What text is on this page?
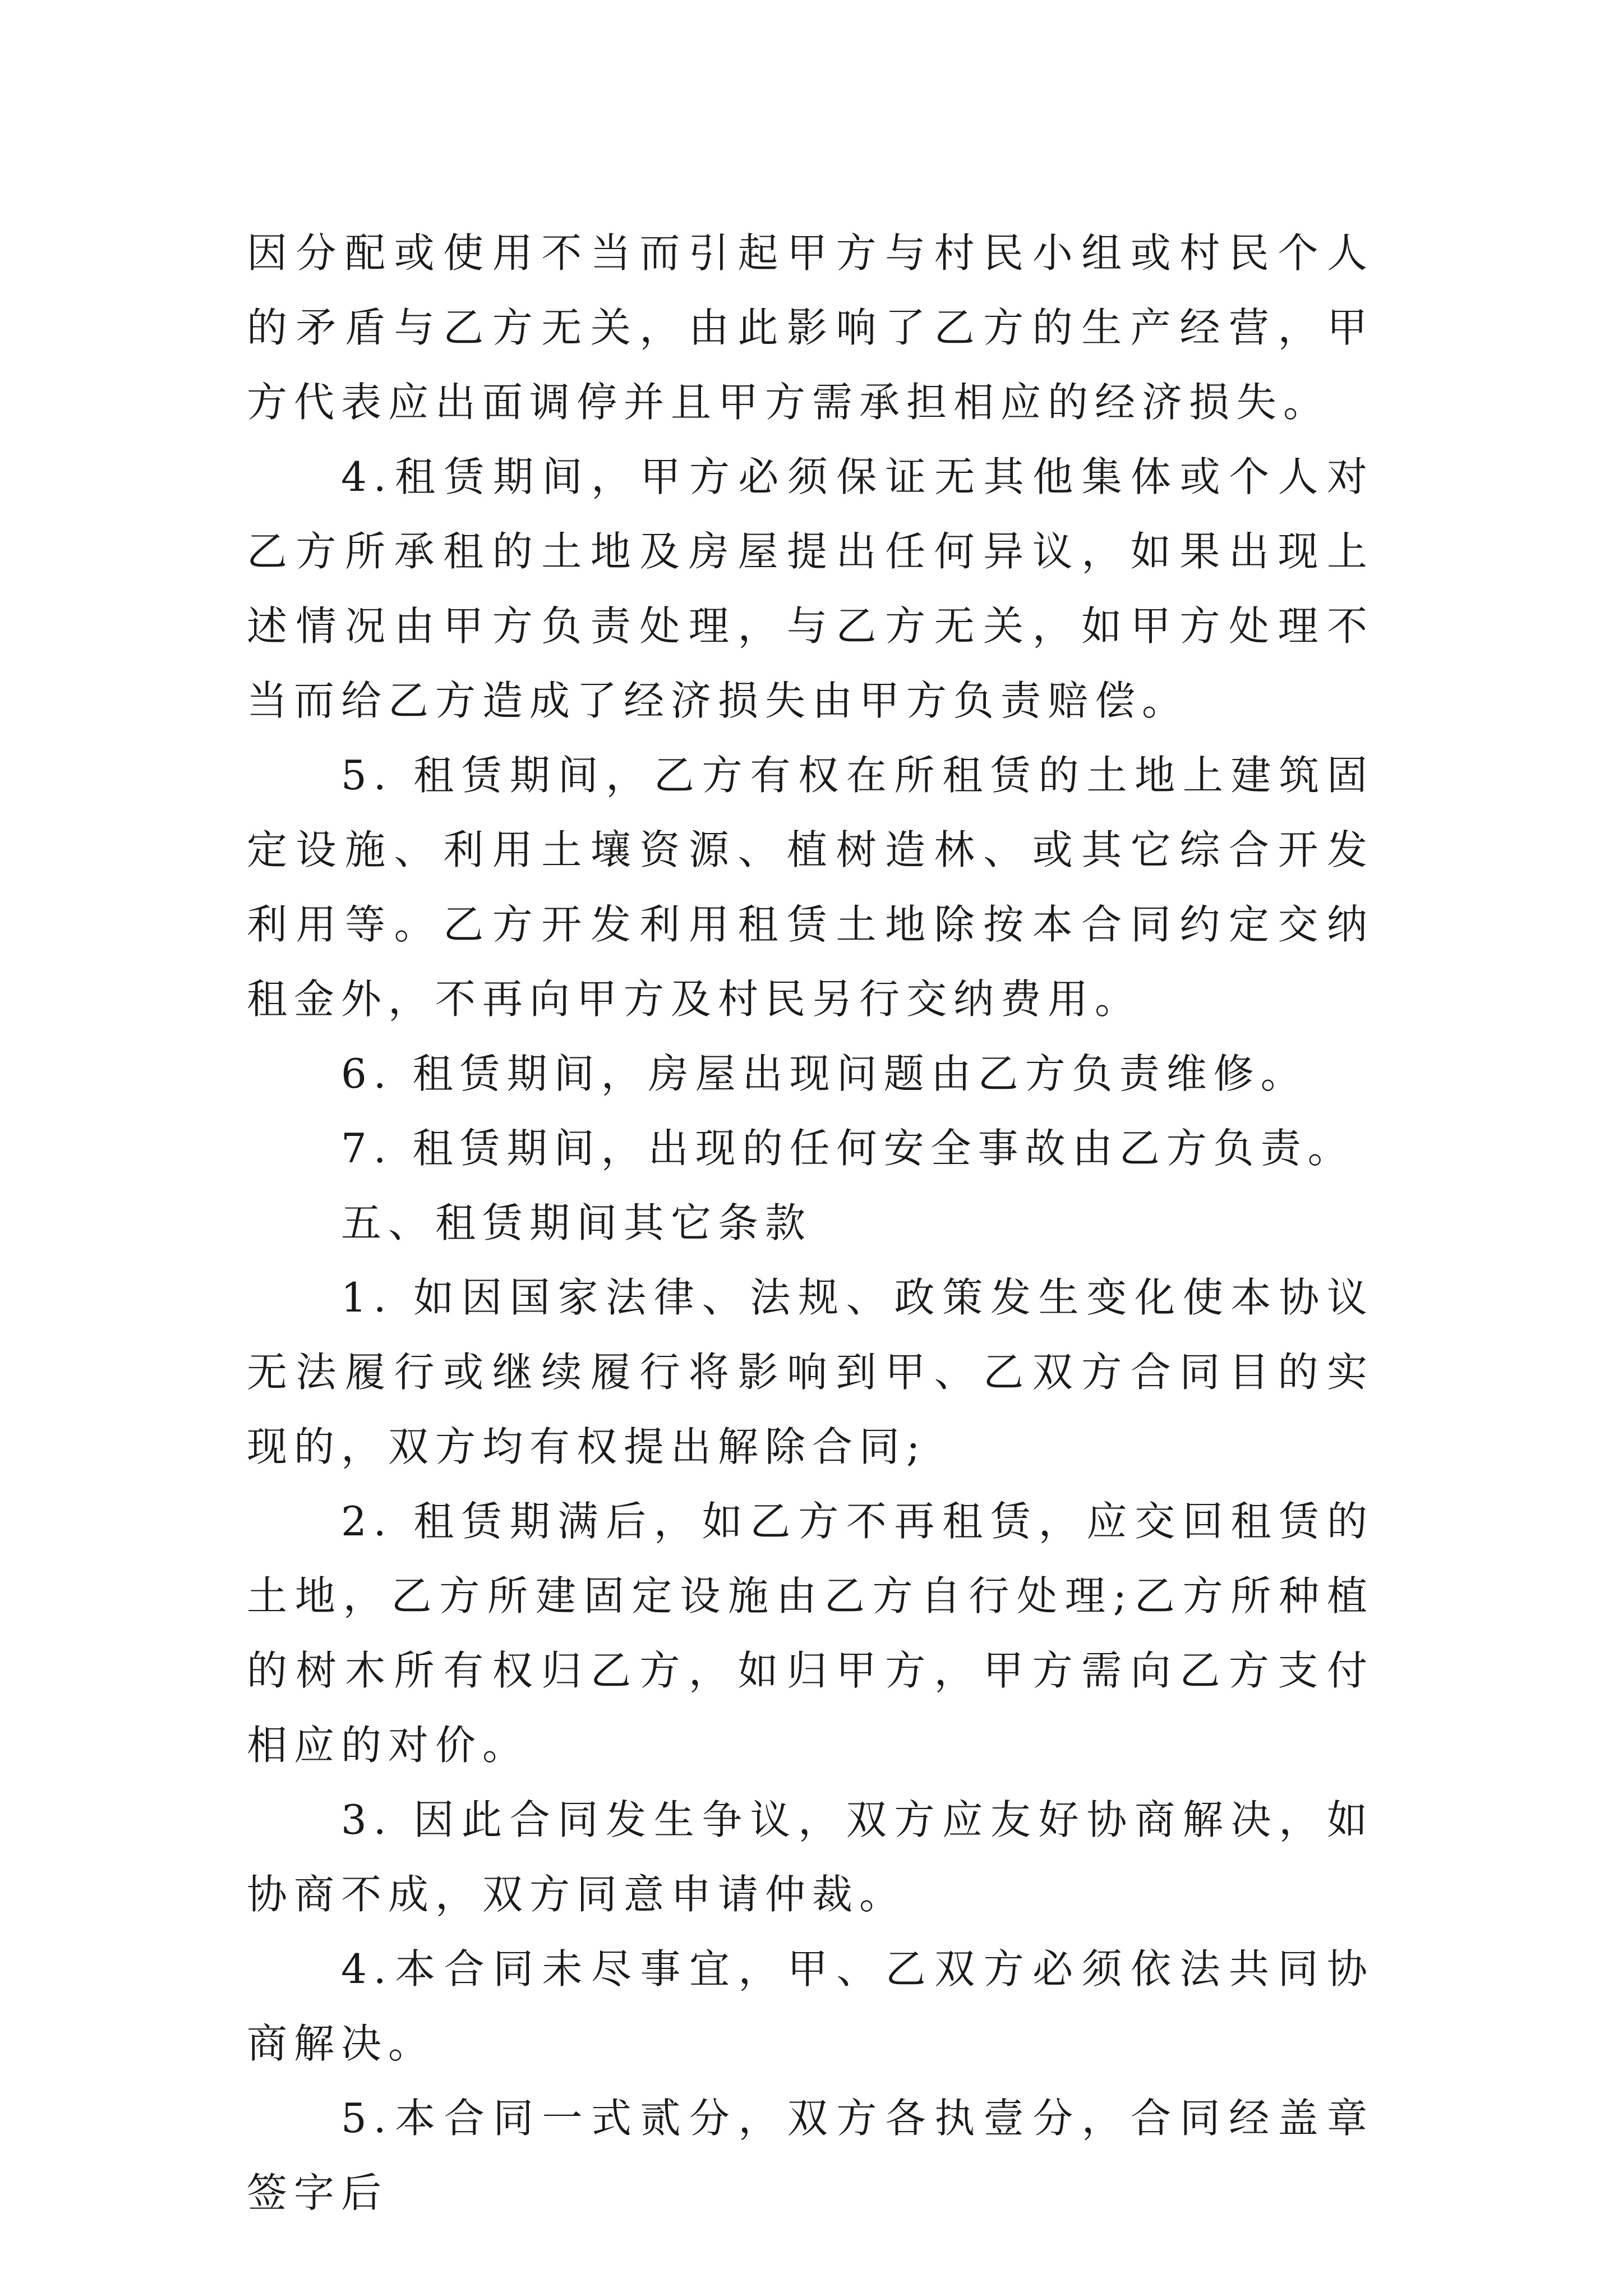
因分配或使用不当而引起甲方与村民小组或村民个人的矛盾与乙方无关，由此影响了乙方的生产经营，甲方代表应出面调停并且甲方需承担相应的经济损失。

4.租赁期间，甲方必须保证无其他集体或个人对乙方所承租的土地及房屋提出任何异议，如果出现上述情况由甲方负责处理，与乙方无关，如甲方处理不当而给乙方造成了经济损失由甲方负责赔偿。

5. 租赁期间，乙方有权在所租赁的土地上建筑固定设施、利用土壤资源、植树造林、或其它综合开发利用等。乙方开发利用租赁土地除按本合同约定交纳租金外，不再向甲方及村民另行交纳费用。

6. 租赁期间，房屋出现问题由乙方负责维修。

7. 租赁期间，出现的任何安全事故由乙方负责。

五、租赁期间其它条款

1. 如因国家法律、法规、政策发生变化使本协议无法履行或继续履行将影响到甲、乙双方合同目的实现的，双方均有权提出解除合同;

2. 租赁期满后，如乙方不再租赁，应交回租赁的土地，乙方所建固定设施由乙方自行处理;乙方所种植的树木所有权归乙方，如归甲方，甲方需向乙方支付相应的对价。

3. 因此合同发生争议，双方应友好协商解决，如协商不成，双方同意申请仲裁。

4.本合同未尽事宜，甲、乙双方必须依法共同协商解决。

5.本合同一式贰分，双方各执壹分，合同经盖章签字后
